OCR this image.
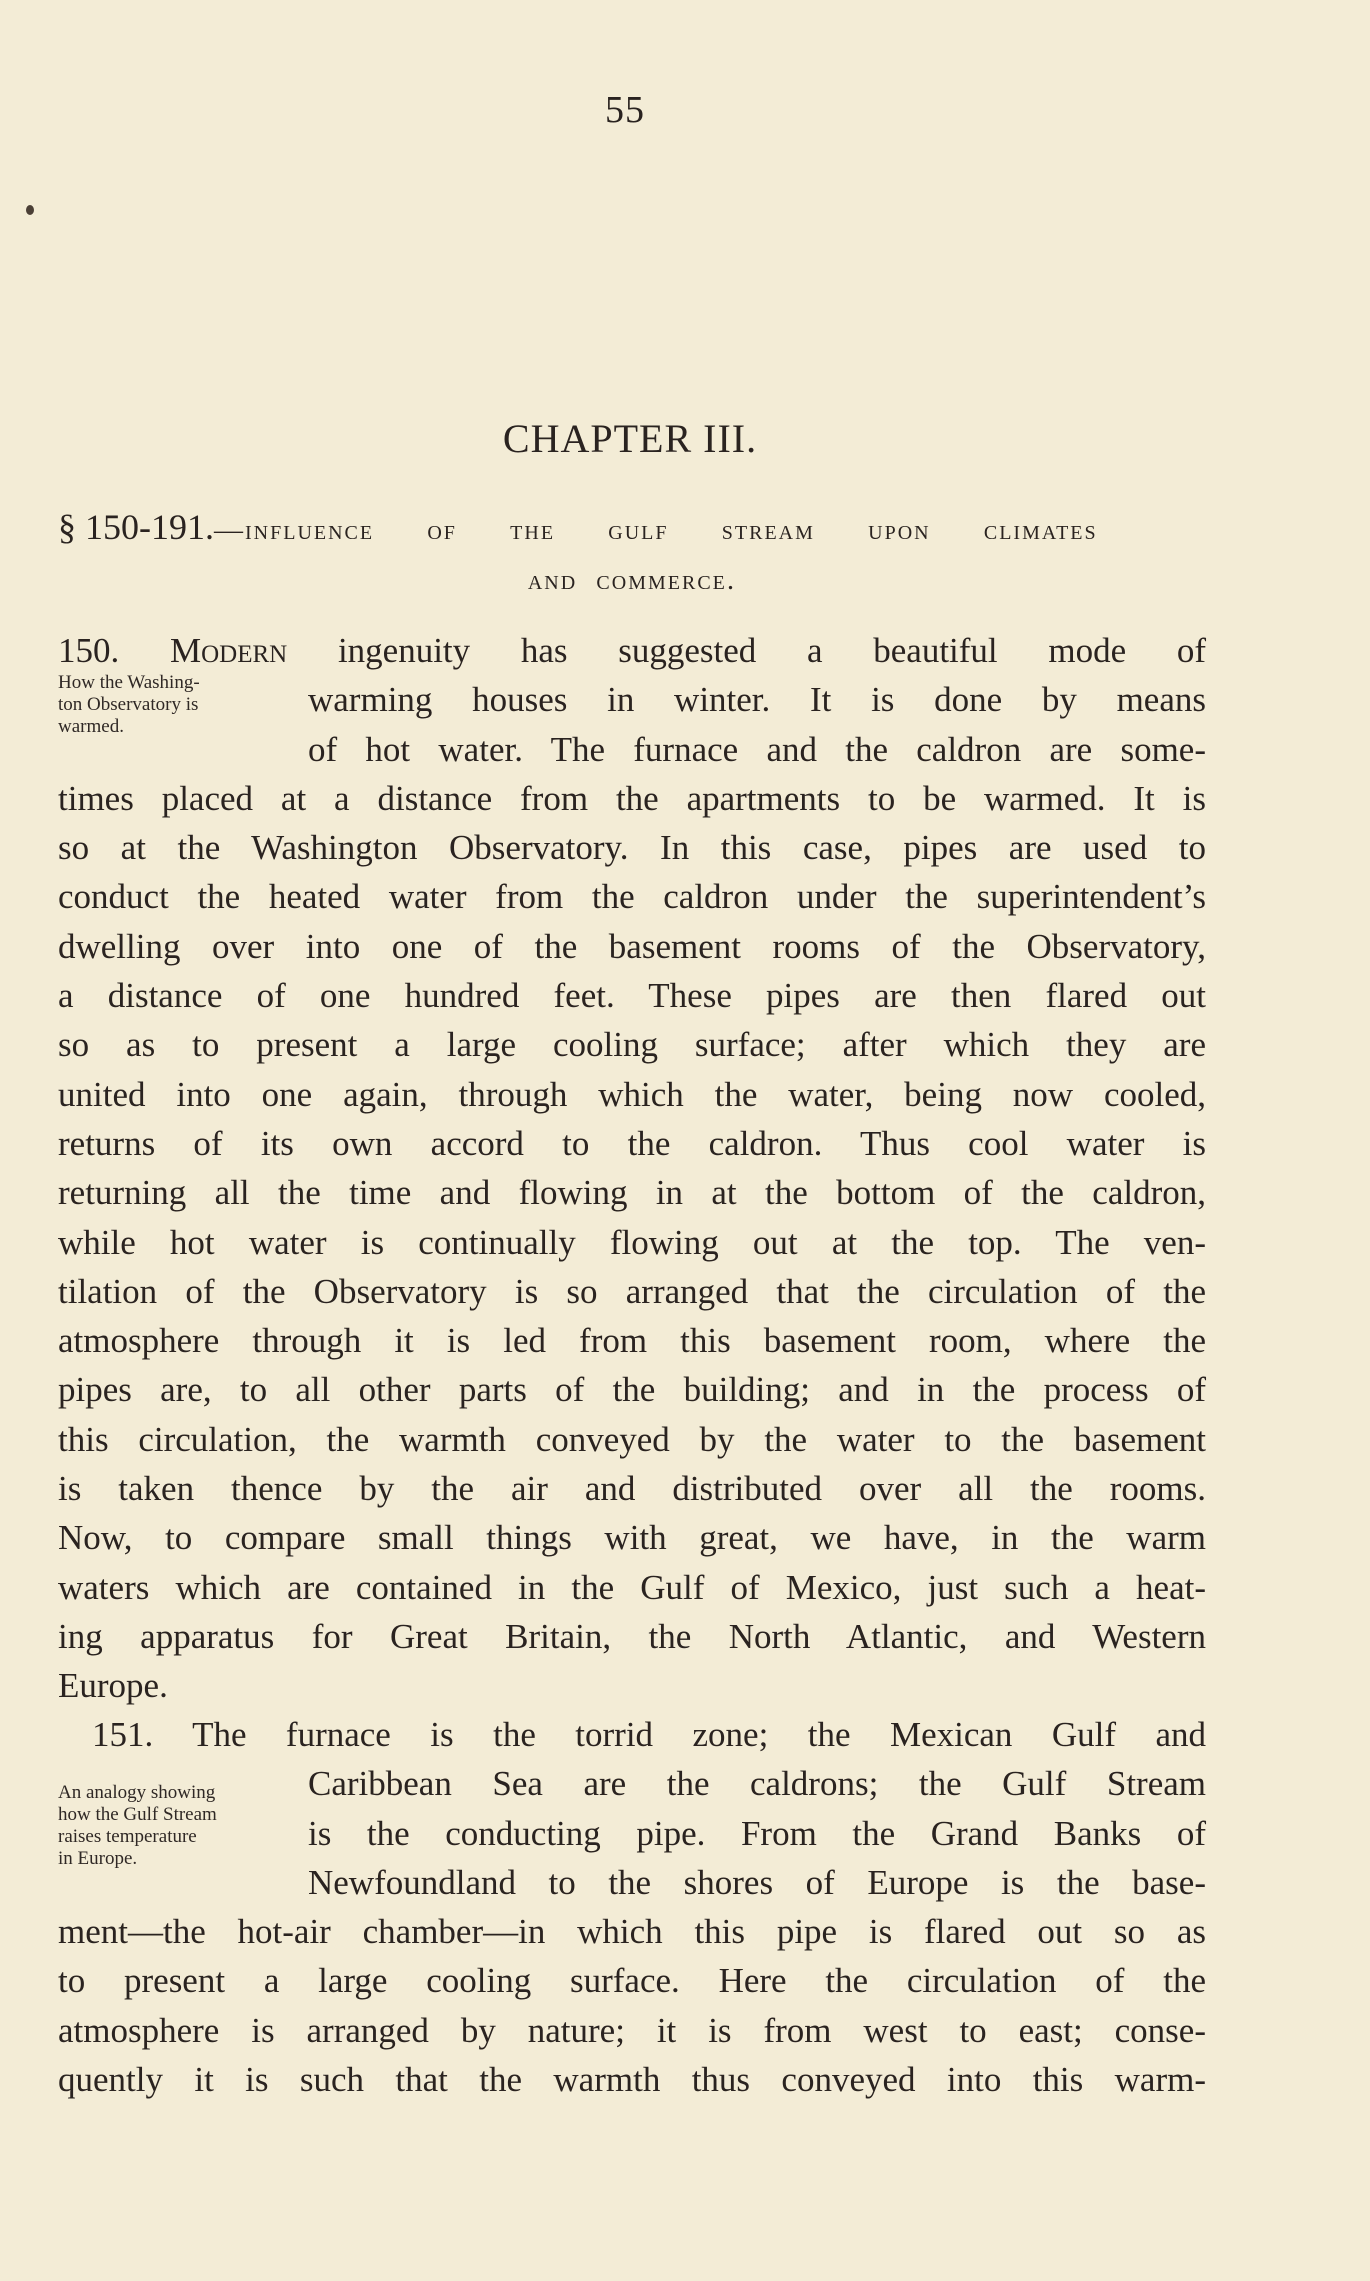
55
CHAPTER III.
§ 150-191.—influence of the gulf stream upon climates
and commerce.
How the Washing-
ton Observatory is
warmed.
150. Modern ingenuity has suggested a beautiful mode of
warming houses in winter. It is done by means
of hot water. The furnace and the caldron are some-
times placed at a distance from the apartments to be warmed. It is
so at the Washington Observatory. In this case, pipes are used to
conduct the heated water from the caldron under the superintendent’s
dwelling over into one of the basement rooms of the Observatory,
a distance of one hundred feet. These pipes are then flared out
so as to present a large cooling surface; after which they are
united into one again, through which the water, being now cooled,
returns of its own accord to the caldron. Thus cool water is
returning all the time and flowing in at the bottom of the caldron,
while hot water is continually flowing out at the top. The ven-
tilation of the Observatory is so arranged that the circulation of the
atmosphere through it is led from this basement room, where the
pipes are, to all other parts of the building; and in the process of
this circulation, the warmth conveyed by the water to the basement
is taken thence by the air and distributed over all the rooms.
Now, to compare small things with great, we have, in the warm
waters which are contained in the Gulf of Mexico, just such a heat-
ing apparatus for Great Britain, the North Atlantic, and Western
Europe.
An analogy showing
how the Gulf Stream
raises temperature
in Europe.
151. The furnace is the torrid zone; the Mexican Gulf and
Caribbean Sea are the caldrons; the Gulf Stream
is the conducting pipe. From the Grand Banks of
Newfoundland to the shores of Europe is the base-
ment—the hot-air chamber—in which this pipe is flared out so as
to present a large cooling surface. Here the circulation of the
atmosphere is arranged by nature; it is from west to east; conse-
quently it is such that the warmth thus conveyed into this warm-
